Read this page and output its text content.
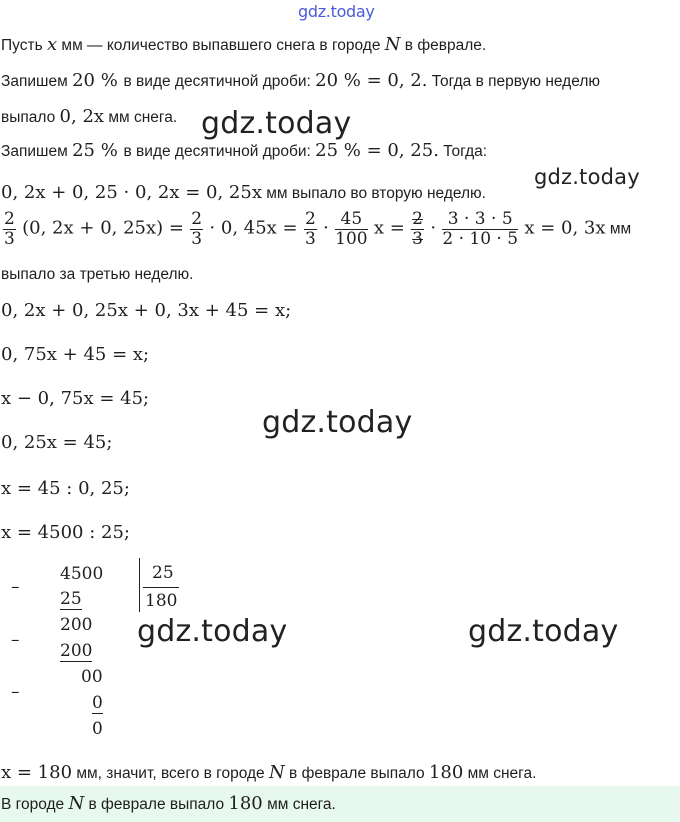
gdz.today
Пусть x мм — количество выпавшего снега в городе N в феврале.
Запишем 20 % в виде десятичной дроби: 20 % = 0, 2. Тогда в первую неделю
выпало 0, 2x мм снега. gdz.today
Запишем 25 % в виде десятичной дроби: 25 % = 0, 25. Тогда:
gdz.today
0, 2x + 0, 25 · 0, 2x = 0, 25x мм выпало во вторую неделю.
$\frac{2}{3} (0$, 2x + 0, $25x) = \frac{2}{3} \cdot 0$, $45x = \frac{2}{3} \cdot \frac{45}{100}$ $x = \frac{2}{3} \cdot \frac{3 \cdot 3 \cdot 5}{2 \cdot 10 \cdot 5}$ x = 0, 3x мм
выпало за третью неделю.
0, 2x + 0, 25x + 0, 3x + 45 = x;
0, 75x + 45 = x;
x − 0, 75x = 45;
0, 25x = 45;
x = 45 : 0, 25;
x = 4500 : 25;
gdz.today
–
4500
25
–
200
200
–
00
0
0
25
180
gdz.today	gdz.today
x = 180 мм, значит, всего в городе N в феврале выпало 180 мм снега.
В городе N в феврале выпало 180 мм снега.
